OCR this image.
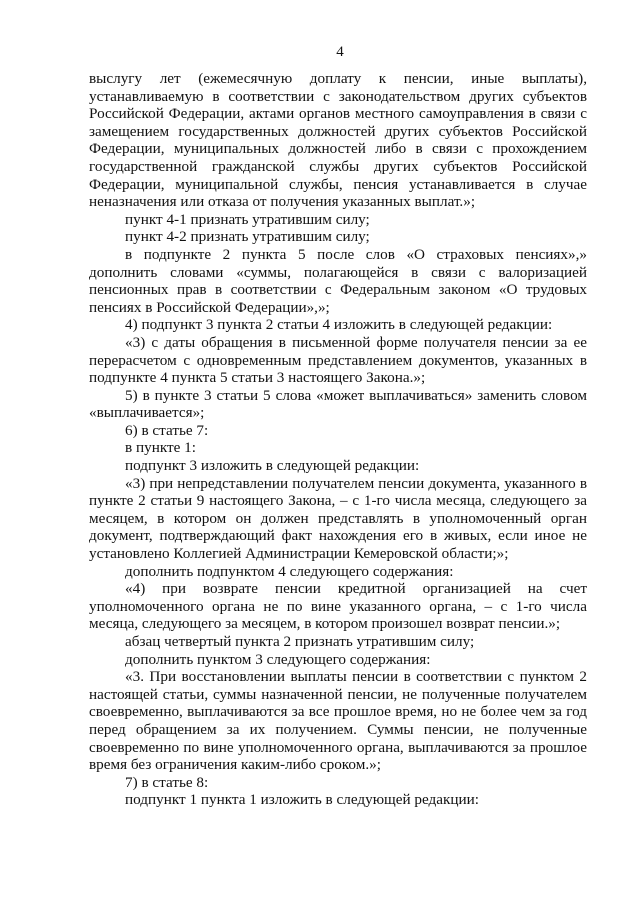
4

выслугу лет (ежемесячную доплату к пенсии, иные выплаты), устанавливаемую в соответствии с законодательством других субъектов Российской Федерации, актами органов местного самоуправления в связи с замещением государственных должностей других субъектов Российской Федерации, муниципальных должностей либо в связи с прохождением государственной гражданской службы других субъектов Российской Федерации, муниципальной службы, пенсия устанавливается в случае неназначения или отказа от получения указанных выплат.»;

пункт 4-1 признать утратившим силу;

пункт 4-2 признать утратившим силу;

в подпункте 2 пункта 5 после слов «О страховых пенсиях»,» дополнить словами «суммы, полагающейся в связи с валоризацией пенсионных прав в соответствии с Федеральным законом «О трудовых пенсиях в Российской Федерации»,»;

4) подпункт 3 пункта 2 статьи 4 изложить в следующей редакции:

«3) с даты обращения в письменной форме получателя пенсии за ее перерасчетом с одновременным представлением документов, указанных в подпункте 4 пункта 5 статьи 3 настоящего Закона.»;

5) в пункте 3 статьи 5 слова «может выплачиваться» заменить словом «выплачивается»;

6) в статье 7:

в пункте 1:

подпункт 3 изложить в следующей редакции:

«3) при непредставлении получателем пенсии документа, указанного в пункте 2 статьи 9 настоящего Закона, – с 1-го числа месяца, следующего за месяцем, в котором он должен представлять в уполномоченный орган документ, подтверждающий факт нахождения его в живых, если иное не установлено Коллегией Администрации Кемеровской области;»;

дополнить подпунктом 4 следующего содержания:

«4) при возврате пенсии кредитной организацией на счет уполномоченного органа не по вине указанного органа, – с 1-го числа месяца, следующего за месяцем, в котором произошел возврат пенсии.»;

абзац четвертый пункта 2 признать утратившим силу;

дополнить пунктом 3 следующего содержания:

«3. При восстановлении выплаты пенсии в соответствии с пунктом 2 настоящей статьи, суммы назначенной пенсии, не полученные получателем своевременно, выплачиваются за все прошлое время, но не более чем за год перед обращением за их получением. Суммы пенсии, не полученные своевременно по вине уполномоченного органа, выплачиваются за прошлое время без ограничения каким-либо сроком.»;

7) в статье 8:

подпункт 1 пункта 1 изложить в следующей редакции:
